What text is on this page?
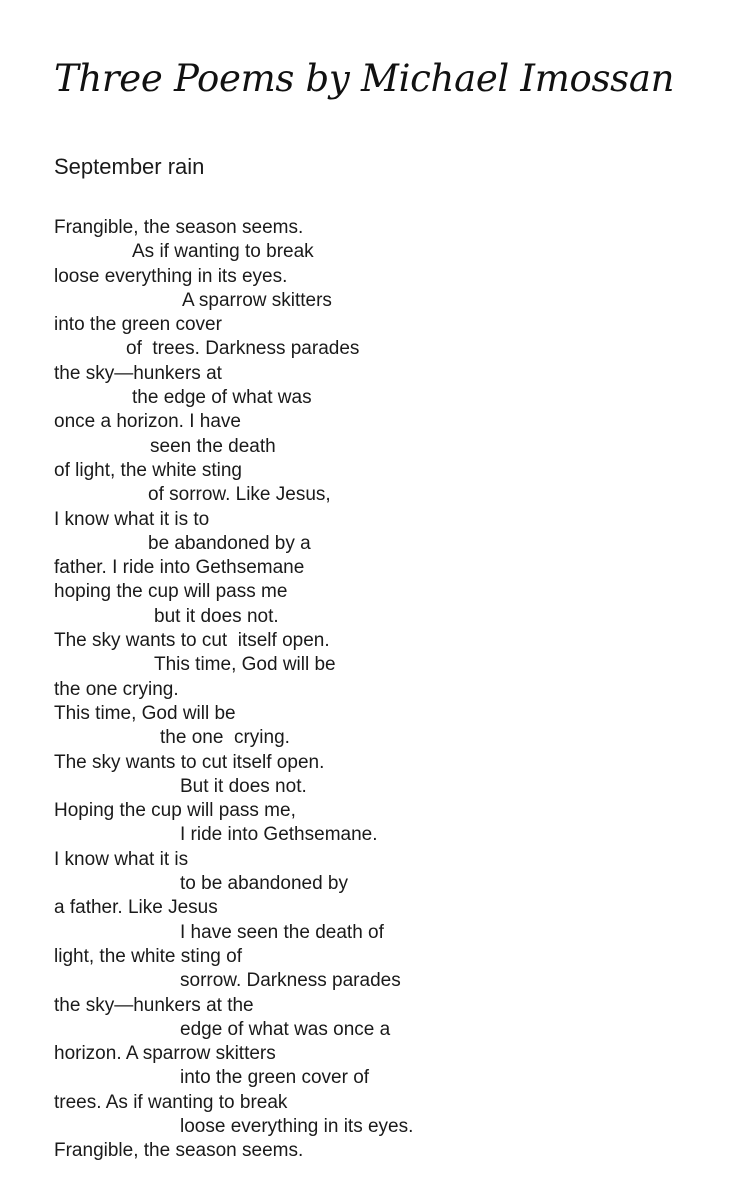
Three Poems by Michael Imossan
September rain
Frangible, the season seems.
As if wanting to break
loose everything in its eyes.
A sparrow skitters
into the green cover
of  trees. Darkness parades
the sky—hunkers at
the edge of what was
once a horizon. I have
seen the death
of light, the white sting
of sorrow. Like Jesus,
I know what it is to
be abandoned by a
father. I ride into Gethsemane
hoping the cup will pass me
but it does not.
The sky wants to cut  itself open.
This time, God will be
the one crying.
This time, God will be
the one  crying.
The sky wants to cut itself open.
But it does not.
Hoping the cup will pass me,
I ride into Gethsemane.
I know what it is
to be abandoned by
a father. Like Jesus
I have seen the death of
light, the white sting of
sorrow. Darkness parades
the sky—hunkers at the
edge of what was once a
horizon. A sparrow skitters
into the green cover of
trees. As if wanting to break
loose everything in its eyes.
Frangible, the season seems.
